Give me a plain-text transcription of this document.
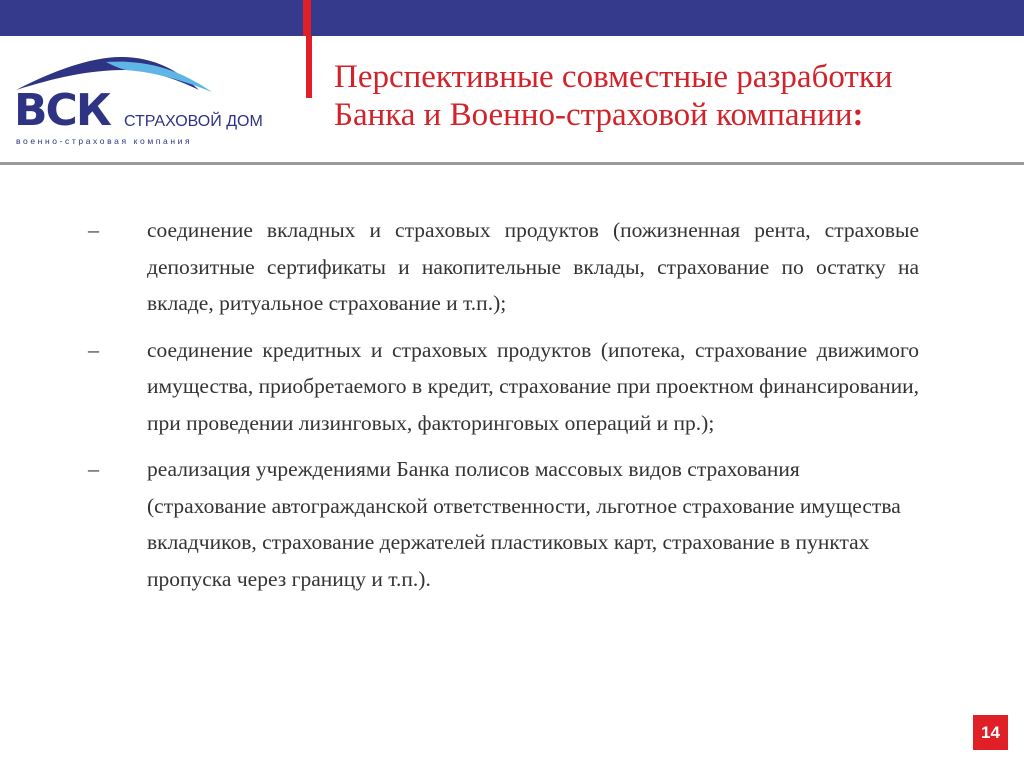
ВСК СТРАХОВОЙ ДОМ
военно-страховая компания
Перспективные совместные разработки
Банка и Военно-страховой компании:
– соединение вкладных и страховых продуктов (пожизненная рента, страховые депозитные сертификаты и накопительные вклады, страхование по остатку на вкладе, ритуальное страхование и т.п.);
– соединение кредитных и страховых продуктов (ипотека, страхование движимого имущества, приобретаемого в кредит, страхование при проектном финансировании, при проведении лизинговых, факторинговых операций и пр.);
– реализация учреждениями Банка полисов массовых видов страхования (страхование автогражданской ответственности, льготное страхование имущества вкладчиков, страхование держателей пластиковых карт, страхование в пунктах пропуска через границу и т.п.).
14
